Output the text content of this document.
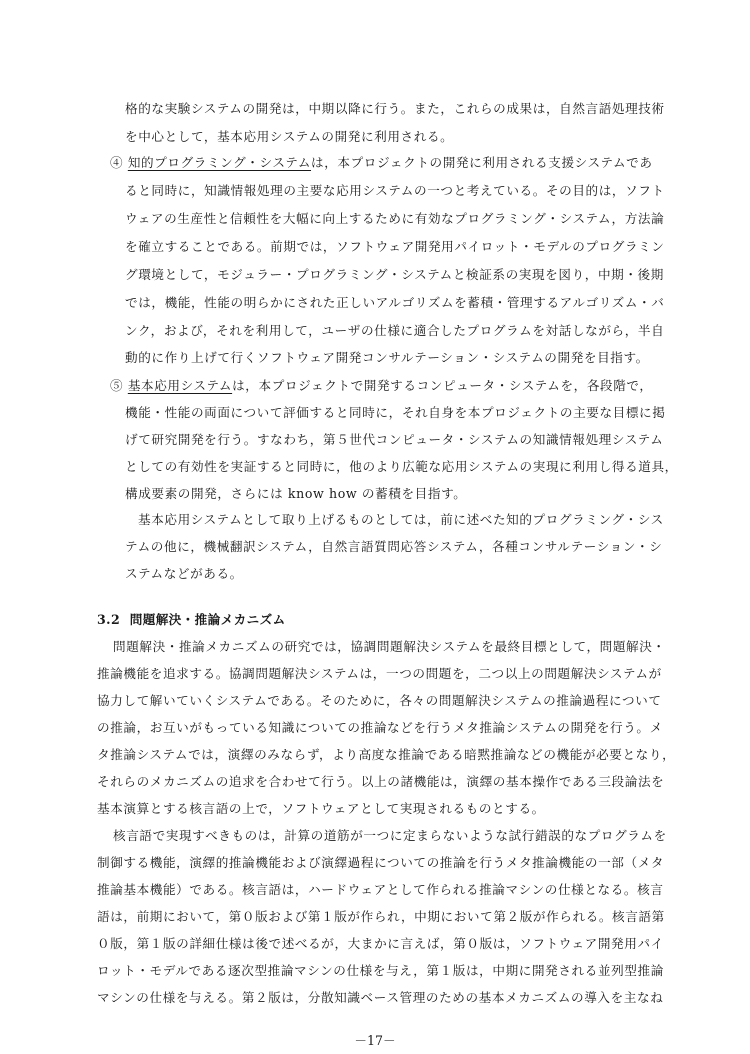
格的な実験システムの開発は，中期以降に行う。また，これらの成果は，自然言語処理技術
を中心として，基本応用システムの開発に利用される。
④ 知的プログラミング・システムは，本プロジェクトの開発に利用される支援システムであ
ると同時に，知識情報処理の主要な応用システムの一つと考えている。その目的は，ソフト
ウェアの生産性と信頼性を大幅に向上するために有効なプログラミング・システム，方法論
を確立することである。前期では，ソフトウェア開発用パイロット・モデルのプログラミン
グ環境として，モジュラー・プログラミング・システムと検証系の実現を図り，中期・後期
では，機能，性能の明らかにされた正しいアルゴリズムを蓄積・管理するアルゴリズム・バ
ンク，および，それを利用して，ユーザの仕様に適合したプログラムを対話しながら，半自
動的に作り上げて行くソフトウェア開発コンサルテーション・システムの開発を目指す。
⑤ 基本応用システムは，本プロジェクトで開発するコンピュータ・システムを，各段階で，
機能・性能の両面について評価すると同時に，それ自身を本プロジェクトの主要な目標に掲
げて研究開発を行う。すなわち，第５世代コンピュータ・システムの知識情報処理システム
としての有効性を実証すると同時に，他のより広範な応用システムの実現に利用し得る道具，
構成要素の開発，さらには know how の蓄積を目指す。
基本応用システムとして取り上げるものとしては，前に述べた知的プログラミング・シス
テムの他に，機械翻訳システム，自然言語質問応答システム，各種コンサルテーション・シ
ステムなどがある。
3.2 問題解決・推論メカニズム
問題解決・推論メカニズムの研究では，協調問題解決システムを最終目標として，問題解決・
推論機能を追求する。協調問題解決システムは，一つの問題を，二つ以上の問題解決システムが
協力して解いていくシステムである。そのために，各々の問題解決システムの推論過程について
の推論，お互いがもっている知識についての推論などを行うメタ推論システムの開発を行う。メ
タ推論システムでは，演繹のみならず，より高度な推論である暗黙推論などの機能が必要となり，
それらのメカニズムの追求を合わせて行う。以上の諸機能は，演繹の基本操作である三段論法を
基本演算とする核言語の上で，ソフトウェアとして実現されるものとする。
核言語で実現すべきものは，計算の道筋が一つに定まらないような試行錯誤的なプログラムを
制御する機能，演繹的推論機能および演繹過程についての推論を行うメタ推論機能の一部（メタ
推論基本機能）である。核言語は，ハードウェアとして作られる推論マシンの仕様となる。核言
語は，前期において，第０版および第１版が作られ，中期において第２版が作られる。核言語第
０版，第１版の詳細仕様は後で述べるが，大まかに言えば，第０版は，ソフトウェア開発用パイ
ロット・モデルである逐次型推論マシンの仕様を与え，第１版は，中期に開発される並列型推論
マシンの仕様を与える。第２版は，分散知識ベース管理のための基本メカニズムの導入を主なね
－17－
